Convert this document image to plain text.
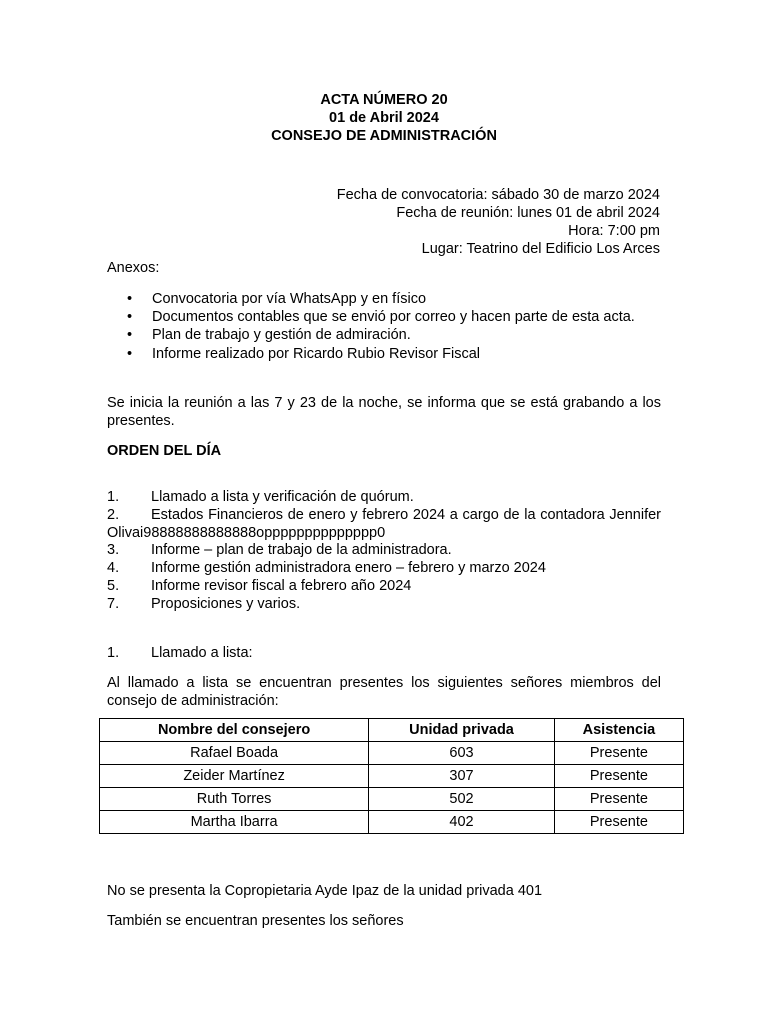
ACTA NÚMERO 20
01 de Abril 2024
CONSEJO DE ADMINISTRACIÓN
Fecha de convocatoria: sábado 30 de marzo 2024
Fecha de reunión: lunes 01 de abril 2024
Hora: 7:00 pm
Lugar: Teatrino del Edificio Los Arces
Anexos:
• Convocatoria por vía WhatsApp y en físico
• Documentos contables que se envió por correo y hacen parte de esta acta.
• Plan de trabajo y gestión de admiración.
• Informe realizado por Ricardo Rubio Revisor Fiscal
Se inicia la reunión a las 7 y 23 de la noche, se informa que se está grabando a los presentes.
ORDEN DEL DÍA
1. Llamado a lista y verificación de quórum.
2. Estados Financieros de enero y febrero 2024 a cargo de la contadora Jennifer Olivai98888888888888opppppppppppppp0
3. Informe – plan de trabajo de la administradora.
4. Informe gestión administradora enero – febrero y marzo 2024
5. Informe revisor fiscal a febrero año 2024
7. Proposiciones y varios.
1. Llamado a lista:
Al llamado a lista se encuentran presentes los siguientes señores miembros del consejo de administración:
Nombre del consejero	Unidad privada	Asistencia
Rafael Boada	603	Presente
Zeider Martínez	307	Presente
Ruth Torres	502	Presente
Martha Ibarra	402	Presente
No se presenta la Copropietaria Ayde Ipaz de la unidad privada 401
También se encuentran presentes los señores
